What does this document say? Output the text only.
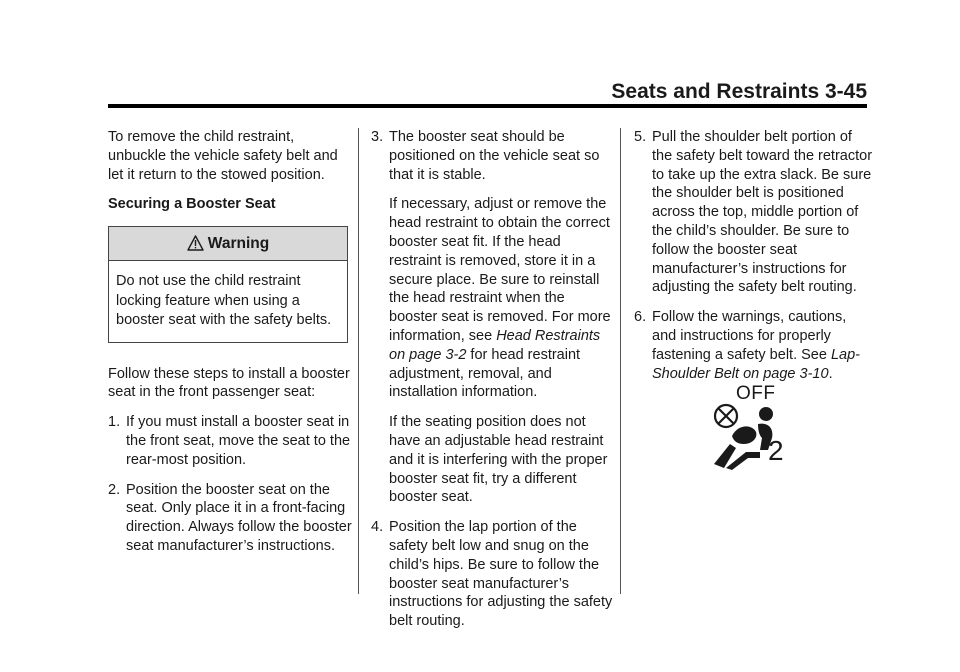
Seats and Restraints 3-45

To remove the child restraint, unbuckle the vehicle safety belt and let it return to the stowed position.

Securing a Booster Seat

Warning
Do not use the child restraint locking feature when using a booster seat with the safety belts.

Follow these steps to install a booster seat in the front passenger seat:

1. If you must install a booster seat in the front seat, move the seat to the rear-most position.
2. Position the booster seat on the seat. Only place it in a front-facing direction. Always follow the booster seat manufacturer’s instructions.
3. The booster seat should be positioned on the vehicle seat so that it is stable.

If necessary, adjust or remove the head restraint to obtain the correct booster seat fit. If the head restraint is removed, store it in a secure place. Be sure to reinstall the head restraint when the booster seat is removed. For more information, see Head Restraints on page 3-2 for head restraint adjustment, removal, and installation information.

If the seating position does not have an adjustable head restraint and it is interfering with the proper booster seat fit, try a different booster seat.

4. Position the lap portion of the safety belt low and snug on the child’s hips. Be sure to follow the booster seat manufacturer’s instructions for adjusting the safety belt routing.
5. Pull the shoulder belt portion of the safety belt toward the retractor to take up the extra slack. Be sure the shoulder belt is positioned across the top, middle portion of the child’s shoulder. Be sure to follow the booster seat manufacturer’s instructions for adjusting the safety belt routing.
6. Follow the warnings, cautions, and instructions for properly fastening a safety belt. See Lap-Shoulder Belt on page 3-10.
OFF
2
